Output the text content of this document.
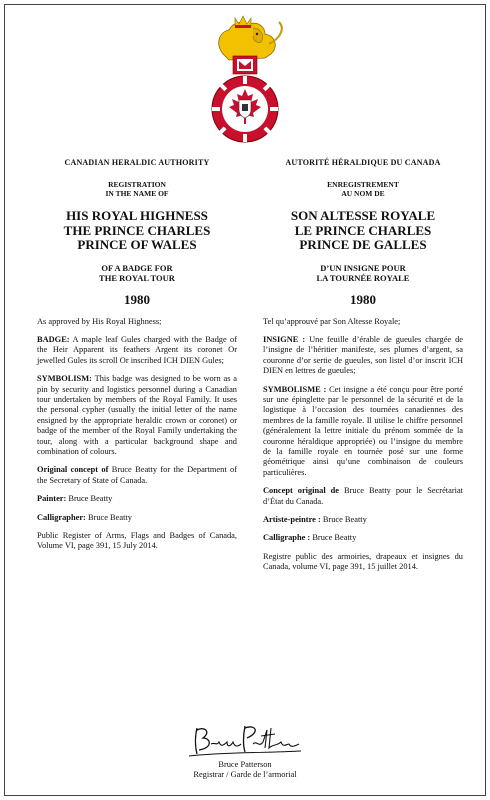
CANADIAN HERALDIC AUTHORITY
REGISTRATION
IN THE NAME OF
HIS ROYAL HIGHNESS
THE PRINCE CHARLES
PRINCE OF WALES
OF A BADGE FOR
THE ROYAL TOUR
1980

As approved by His Royal Highness;

BADGE: A maple leaf Gules charged with the Badge of the Heir Apparent its feathers Argent its coronet Or jewelled Gules its scroll Or inscribed ICH DIEN Gules;

SYMBOLISM: This badge was designed to be worn as a pin by security and logistics personnel during a Canadian tour undertaken by members of the Royal Family. It uses the personal cypher (usually the initial letter of the name ensigned by the appropriate heraldic crown or coronet) or badge of the member of the Royal Family undertaking the tour, along with a particular background shape and combination of colours.

Original concept of Bruce Beatty for the Department of the Secretary of State of Canada.

Painter: Bruce Beatty

Calligrapher: Bruce Beatty

Public Register of Arms, Flags and Badges of Canada, Volume VI, page 391, 15 July 2014.

AUTORITÉ HÉRALDIQUE DU CANADA
ENREGISTREMENT
AU NOM DE
SON ALTESSE ROYALE
LE PRINCE CHARLES
PRINCE DE GALLES
D’UN INSIGNE POUR
LA TOURNÉE ROYALE
1980

Tel qu’approuvé par Son Altesse Royale;

INSIGNE : Une feuille d’érable de gueules chargée de l’insigne de l’héritier manifeste, ses plumes d’argent, sa couronne d’or sertie de gueules, son listel d’or inscrit ICH DIEN en lettres de gueules;

SYMBOLISME : Cet insigne a été conçu pour être porté sur une épinglette par le personnel de la sécurité et de la logistique à l’occasion des tournées canadiennes des membres de la famille royale. Il utilise le chiffre personnel (généralement la lettre initiale du prénom sommée de la couronne héraldique appropriée) ou l’insigne du membre de la famille royale en tournée posé sur une forme géométrique ainsi qu’une combinaison de couleurs particulières.

Concept original de Bruce Beatty pour le Secrétariat d’État du Canada.

Artiste-peintre : Bruce Beatty

Calligraphe : Bruce Beatty

Registre public des armoiries, drapeaux et insignes du Canada, volume VI, page 391, 15 juillet 2014.

Bruce Patterson
Registrar / Garde de l’armorial
